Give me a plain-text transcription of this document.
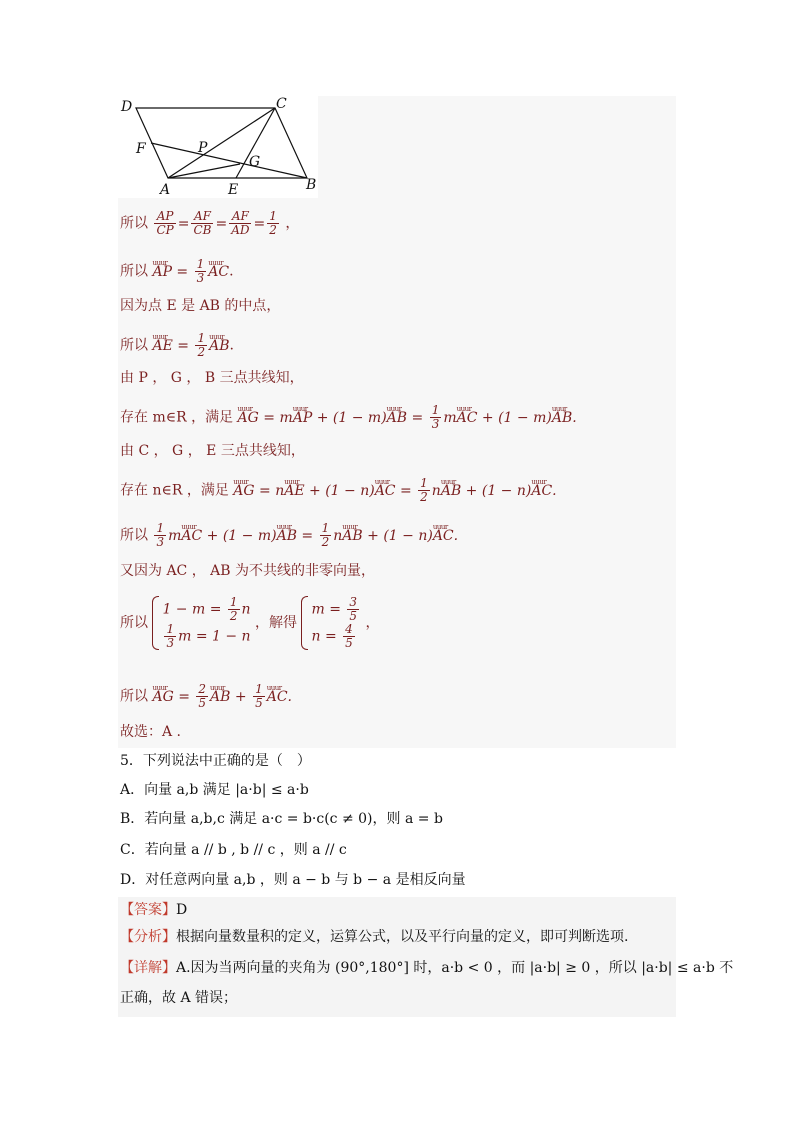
D	C
F	P
G
A	E	B
所以 $\frac{AP}{CP} = \frac{AF}{CB} = \frac{AF}{AD} = \frac{1}{2}$ ，
所以 uuur AP = $\frac{1}{3}$ uuur AC.
因为点 E 是 AB 的中点，
所以 uuur AE = $\frac{1}{2}$ uuur AB.
由 P ， G ， B 三点共线知，
存在 m∈R ，满足 uuur AG = muuur AP + (1 − m)uuur AB = $\frac{1}{3}$ muuur AC + (1 − m)uuur AB.
由 C ， G ， E 三点共线知，
存在 n∈R ，满足 uuur AG = nuuur AE + (1 − n)uuur AC = $\frac{1}{2}$ nuuur AB + (1 − n)uuur AC.
所以 $\frac{1}{3}$ muuur AC + (1 − m)uuur AB = $\frac{1}{2}$ nuuur AB + (1 − n)uuur AC.
又因为 AC ， AB 为不共线的非零向量，
所以
$1 - m = \frac{1}{2}$ n
$\frac{1}{3}$ m = 1 − n
，解得
$m = \frac{3}{5}$
$n = \frac{4}{5}$ ，
所以 uuur AG = $\frac{2}{5}$ uuur AB + $\frac{1}{5}$ uuur AC.
故选：A .
5．下列说法中正确的是（　）
A．向量 a,b 满足 |a·b| ≤ a·b
B．若向量 a,b,c 满足 a·c = b·c(c ≠ 0)，则 a = b
C．若向量 a // b , b // c ，则 a // c
D．对任意两向量 a,b ，则 a − b 与 b − a 是相反向量
【答案】D
【分析】根据向量数量积的定义，运算公式，以及平行向量的定义，即可判断选项.
【详解】A.因为当两向量的夹角为 (90°,180°] 时，a·b < 0 ，而 |a·b| ≥ 0 ，所以 |a·b| ≤ a·b 不
正确，故 A 错误；
